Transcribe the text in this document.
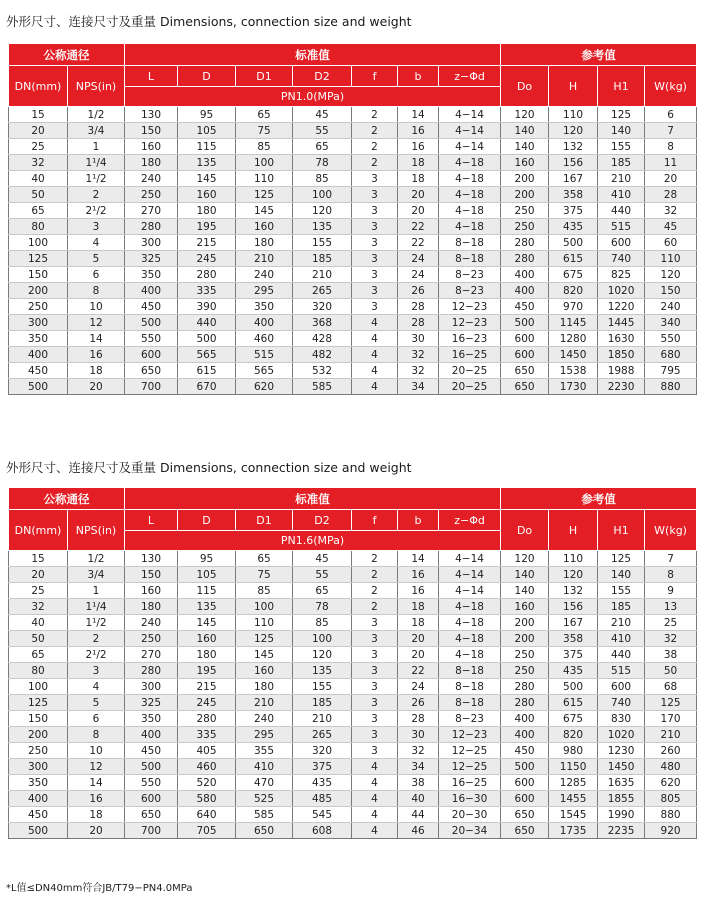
外形尺寸、连接尺寸及重量 Dimensions, connection size and weight
公称通径		标准值							参考值			
DN(mm)	NPS(in)	L	D	D1	D2	f	b	z−Φd	Do	H	H1	W(kg)
		PN1.0(MPa)										
15	1/2	130	95	65	45	2	14	4−14	120	110	125	6
20	3/4	150	105	75	55	2	16	4−14	140	120	140	7
25	1	160	115	85	65	2	16	4−14	140	132	155	8
32	1¹/4	180	135	100	78	2	18	4−18	160	156	185	11
40	1¹/2	240	145	110	85	3	18	4−18	200	167	210	20
50	2	250	160	125	100	3	20	4−18	200	358	410	28
65	2¹/2	270	180	145	120	3	20	4−18	250	375	440	32
80	3	280	195	160	135	3	22	4−18	250	435	515	45
100	4	300	215	180	155	3	22	8−18	280	500	600	60
125	5	325	245	210	185	3	24	8−18	280	615	740	110
150	6	350	280	240	210	3	24	8−23	400	675	825	120
200	8	400	335	295	265	3	26	8−23	400	820	1020	150
250	10	450	390	350	320	3	28	12−23	450	970	1220	240
300	12	500	440	400	368	4	28	12−23	500	1145	1445	340
350	14	550	500	460	428	4	30	16−23	600	1280	1630	550
400	16	600	565	515	482	4	32	16−25	600	1450	1850	680
450	18	650	615	565	532	4	32	20−25	650	1538	1988	795
500	20	700	670	620	585	4	34	20−25	650	1730	2230	880
外形尺寸、连接尺寸及重量 Dimensions, connection size and weight
公称通径		标准值							参考值			
DN(mm)	NPS(in)	L	D	D1	D2	f	b	z−Φd	Do	H	H1	W(kg)
		PN1.6(MPa)										
15	1/2	130	95	65	45	2	14	4−14	120	110	125	7
20	3/4	150	105	75	55	2	16	4−14	140	120	140	8
25	1	160	115	85	65	2	16	4−14	140	132	155	9
32	1¹/4	180	135	100	78	2	18	4−18	160	156	185	13
40	1¹/2	240	145	110	85	3	18	4−18	200	167	210	25
50	2	250	160	125	100	3	20	4−18	200	358	410	32
65	2¹/2	270	180	145	120	3	20	4−18	250	375	440	38
80	3	280	195	160	135	3	22	8−18	250	435	515	50
100	4	300	215	180	155	3	24	8−18	280	500	600	68
125	5	325	245	210	185	3	26	8−18	280	615	740	125
150	6	350	280	240	210	3	28	8−23	400	675	830	170
200	8	400	335	295	265	3	30	12−23	400	820	1020	210
250	10	450	405	355	320	3	32	12−25	450	980	1230	260
300	12	500	460	410	375	4	34	12−25	500	1150	1450	480
350	14	550	520	470	435	4	38	16−25	600	1285	1635	620
400	16	600	580	525	485	4	40	16−30	600	1455	1855	805
450	18	650	640	585	545	4	44	20−30	650	1545	1990	880
500	20	700	705	650	608	4	46	20−34	650	1735	2235	920
*L值≤DN40mm符合JB/T79−PN4.0MPa
